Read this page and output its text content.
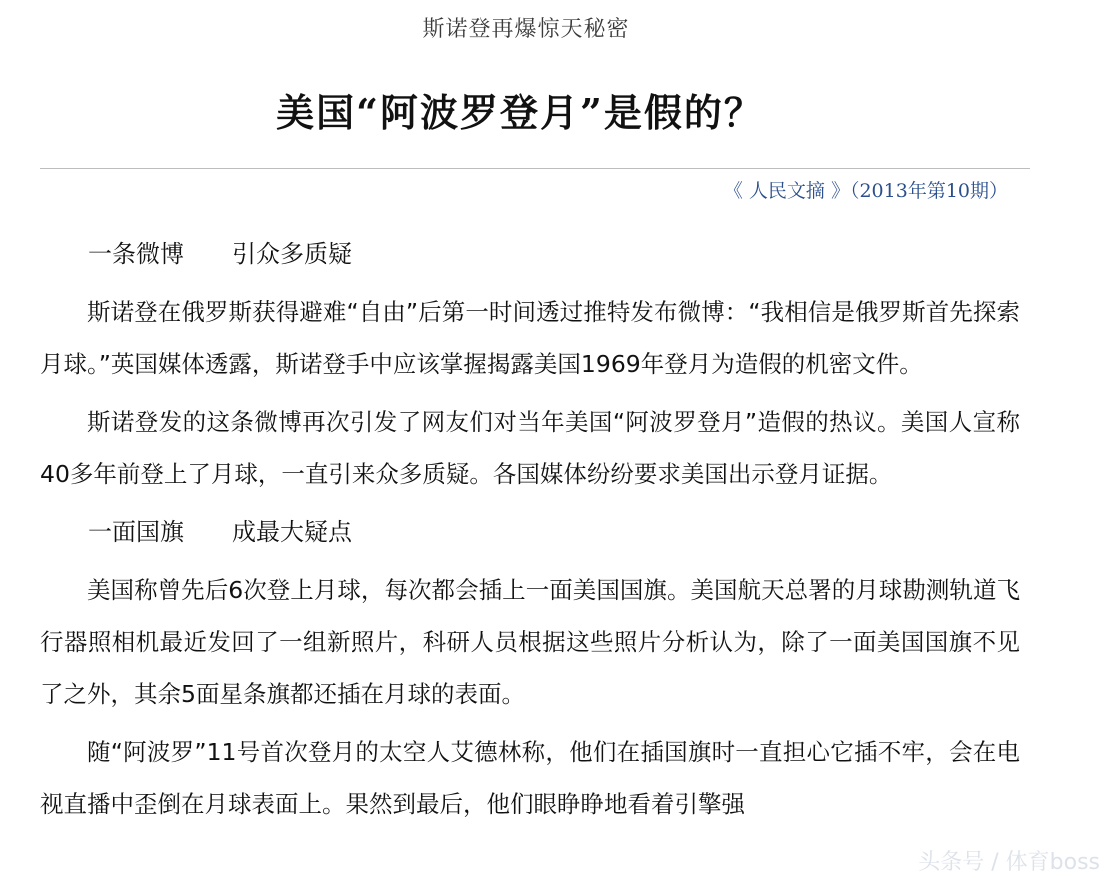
斯诺登再爆惊天秘密
美国“阿波罗登月”是假的？
《 人民文摘 》（2013年第10期）

一条微博 引众多质疑

斯诺登在俄罗斯获得避难“自由”后第一时间透过推特发布微博：“我相信是俄罗斯首先探索月球。”英国媒体透露，斯诺登手中应该掌握揭露美国1969年登月为造假的机密文件。

斯诺登发的这条微博再次引发了网友们对当年美国“阿波罗登月”造假的热议。美国人宣称40多年前登上了月球，一直引来众多质疑。各国媒体纷纷要求美国出示登月证据。

一面国旗 成最大疑点

美国称曾先后6次登上月球，每次都会插上一面美国国旗。美国航天总署的月球勘测轨道飞行器照相机最近发回了一组新照片，科研人员根据这些照片分析认为，除了一面美国国旗不见了之外，其余5面星条旗都还插在月球的表面。

随“阿波罗”11号首次登月的太空人艾德林称，他们在插国旗时一直担心它插不牢，会在电视直播中歪倒在月球表面上。果然到最后，他们眼睁睁地看着引擎强

头条号 / 体育boss
